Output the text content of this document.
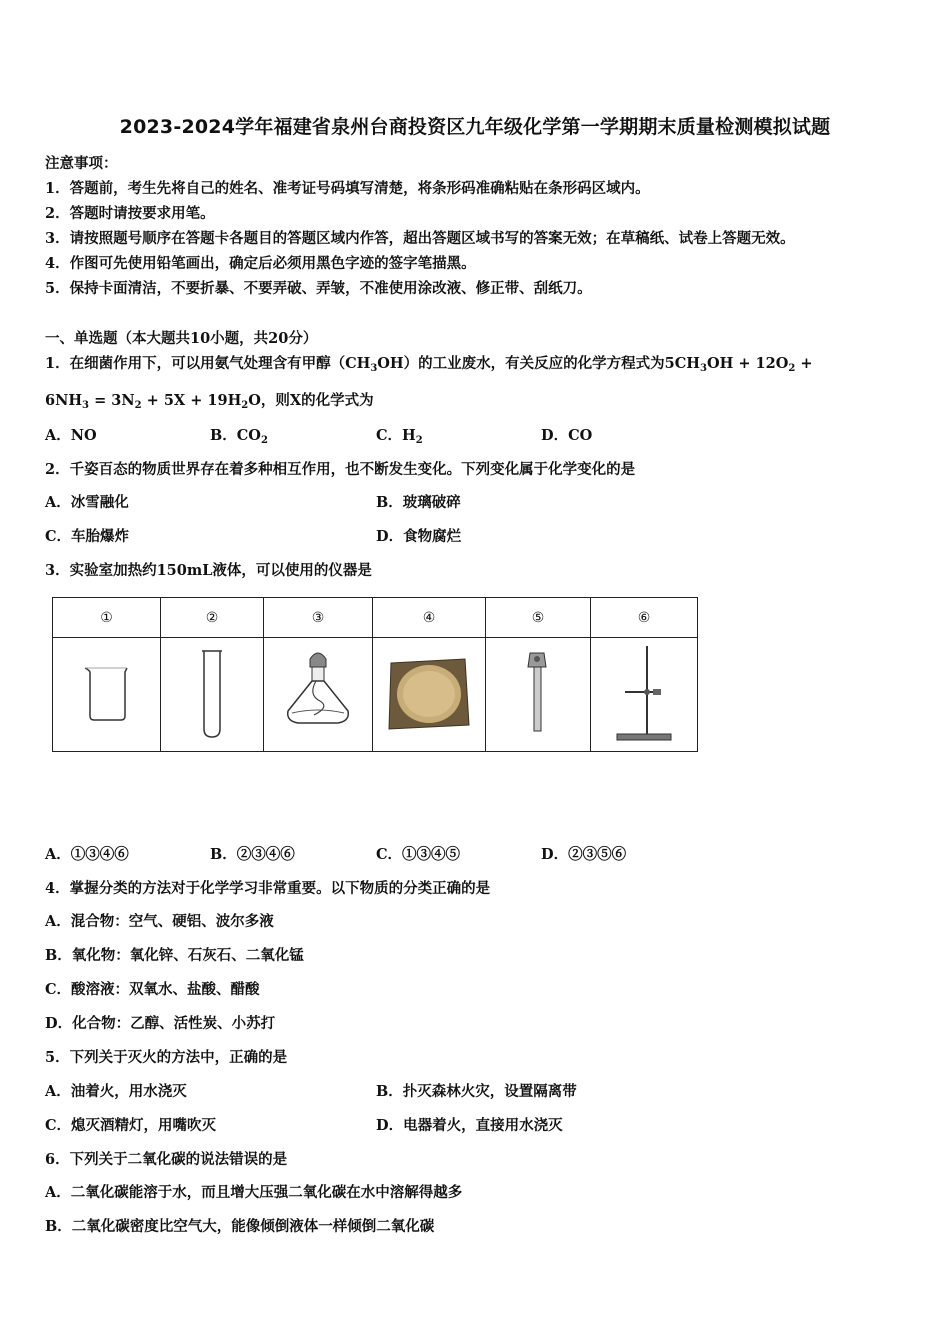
2023-2024学年福建省泉州台商投资区九年级化学第一学期期末质量检测模拟试题
注意事项：
1．答题前，考生先将自己的姓名、准考证号码填写清楚，将条形码准确粘贴在条形码区域内。
2．答题时请按要求用笔。
3．请按照题号顺序在答题卡各题目的答题区域内作答，超出答题区域书写的答案无效；在草稿纸、试卷上答题无效。
4．作图可先使用铅笔画出，确定后必须用黑色字迹的签字笔描黑。
5．保持卡面清洁，不要折暴、不要弄破、弄皱，不准使用涂改液、修正带、刮纸刀。
一、单选题（本大题共10小题，共20分）
1．在细菌作用下，可以用氨气处理含有甲醇$(CH_3OH)$的工业废水，有关反应的化学方程式为$5CH_3OH + 12O_2$ +
$6NH_3 = 3N_2 + 5X + 19H_2O$，则X的化学式为
A．NO	B．$CO_2$	C．$H_2$	D．CO
2．千姿百态的物质世界存在着多种相互作用，也不断发生变化。下列变化属于化学变化的是
A．冰雪融化	B．玻璃破碎
C．车胎爆炸	D．食物腐烂
3．实验室加热约150mL液体，可以使用的仪器是
①	②	③	④	⑤	⑥

A．①③④⑥	B．②③④⑥	C．①③④⑤	D．②③⑤⑥
4．掌握分类的方法对于化学学习非常重要。以下物质的分类正确的是
A．混合物：空气、硬铝、波尔多液
B．氧化物：氧化锌、石灰石、二氧化锰
C．酸溶液：双氧水、盐酸、醋酸
D．化合物：乙醇、活性炭、小苏打
5．下列关于灭火的方法中，正确的是
A．油着火，用水浇灭	B．扑灭森林火灾，设置隔离带
C．熄灭酒精灯，用嘴吹灭	D．电器着火，直接用水浇灭
6．下列关于二氧化碳的说法错误的是
A．二氧化碳能溶于水，而且增大压强二氧化碳在水中溶解得越多
B．二氧化碳密度比空气大，能像倾倒液体一样倾倒二氧化碳
